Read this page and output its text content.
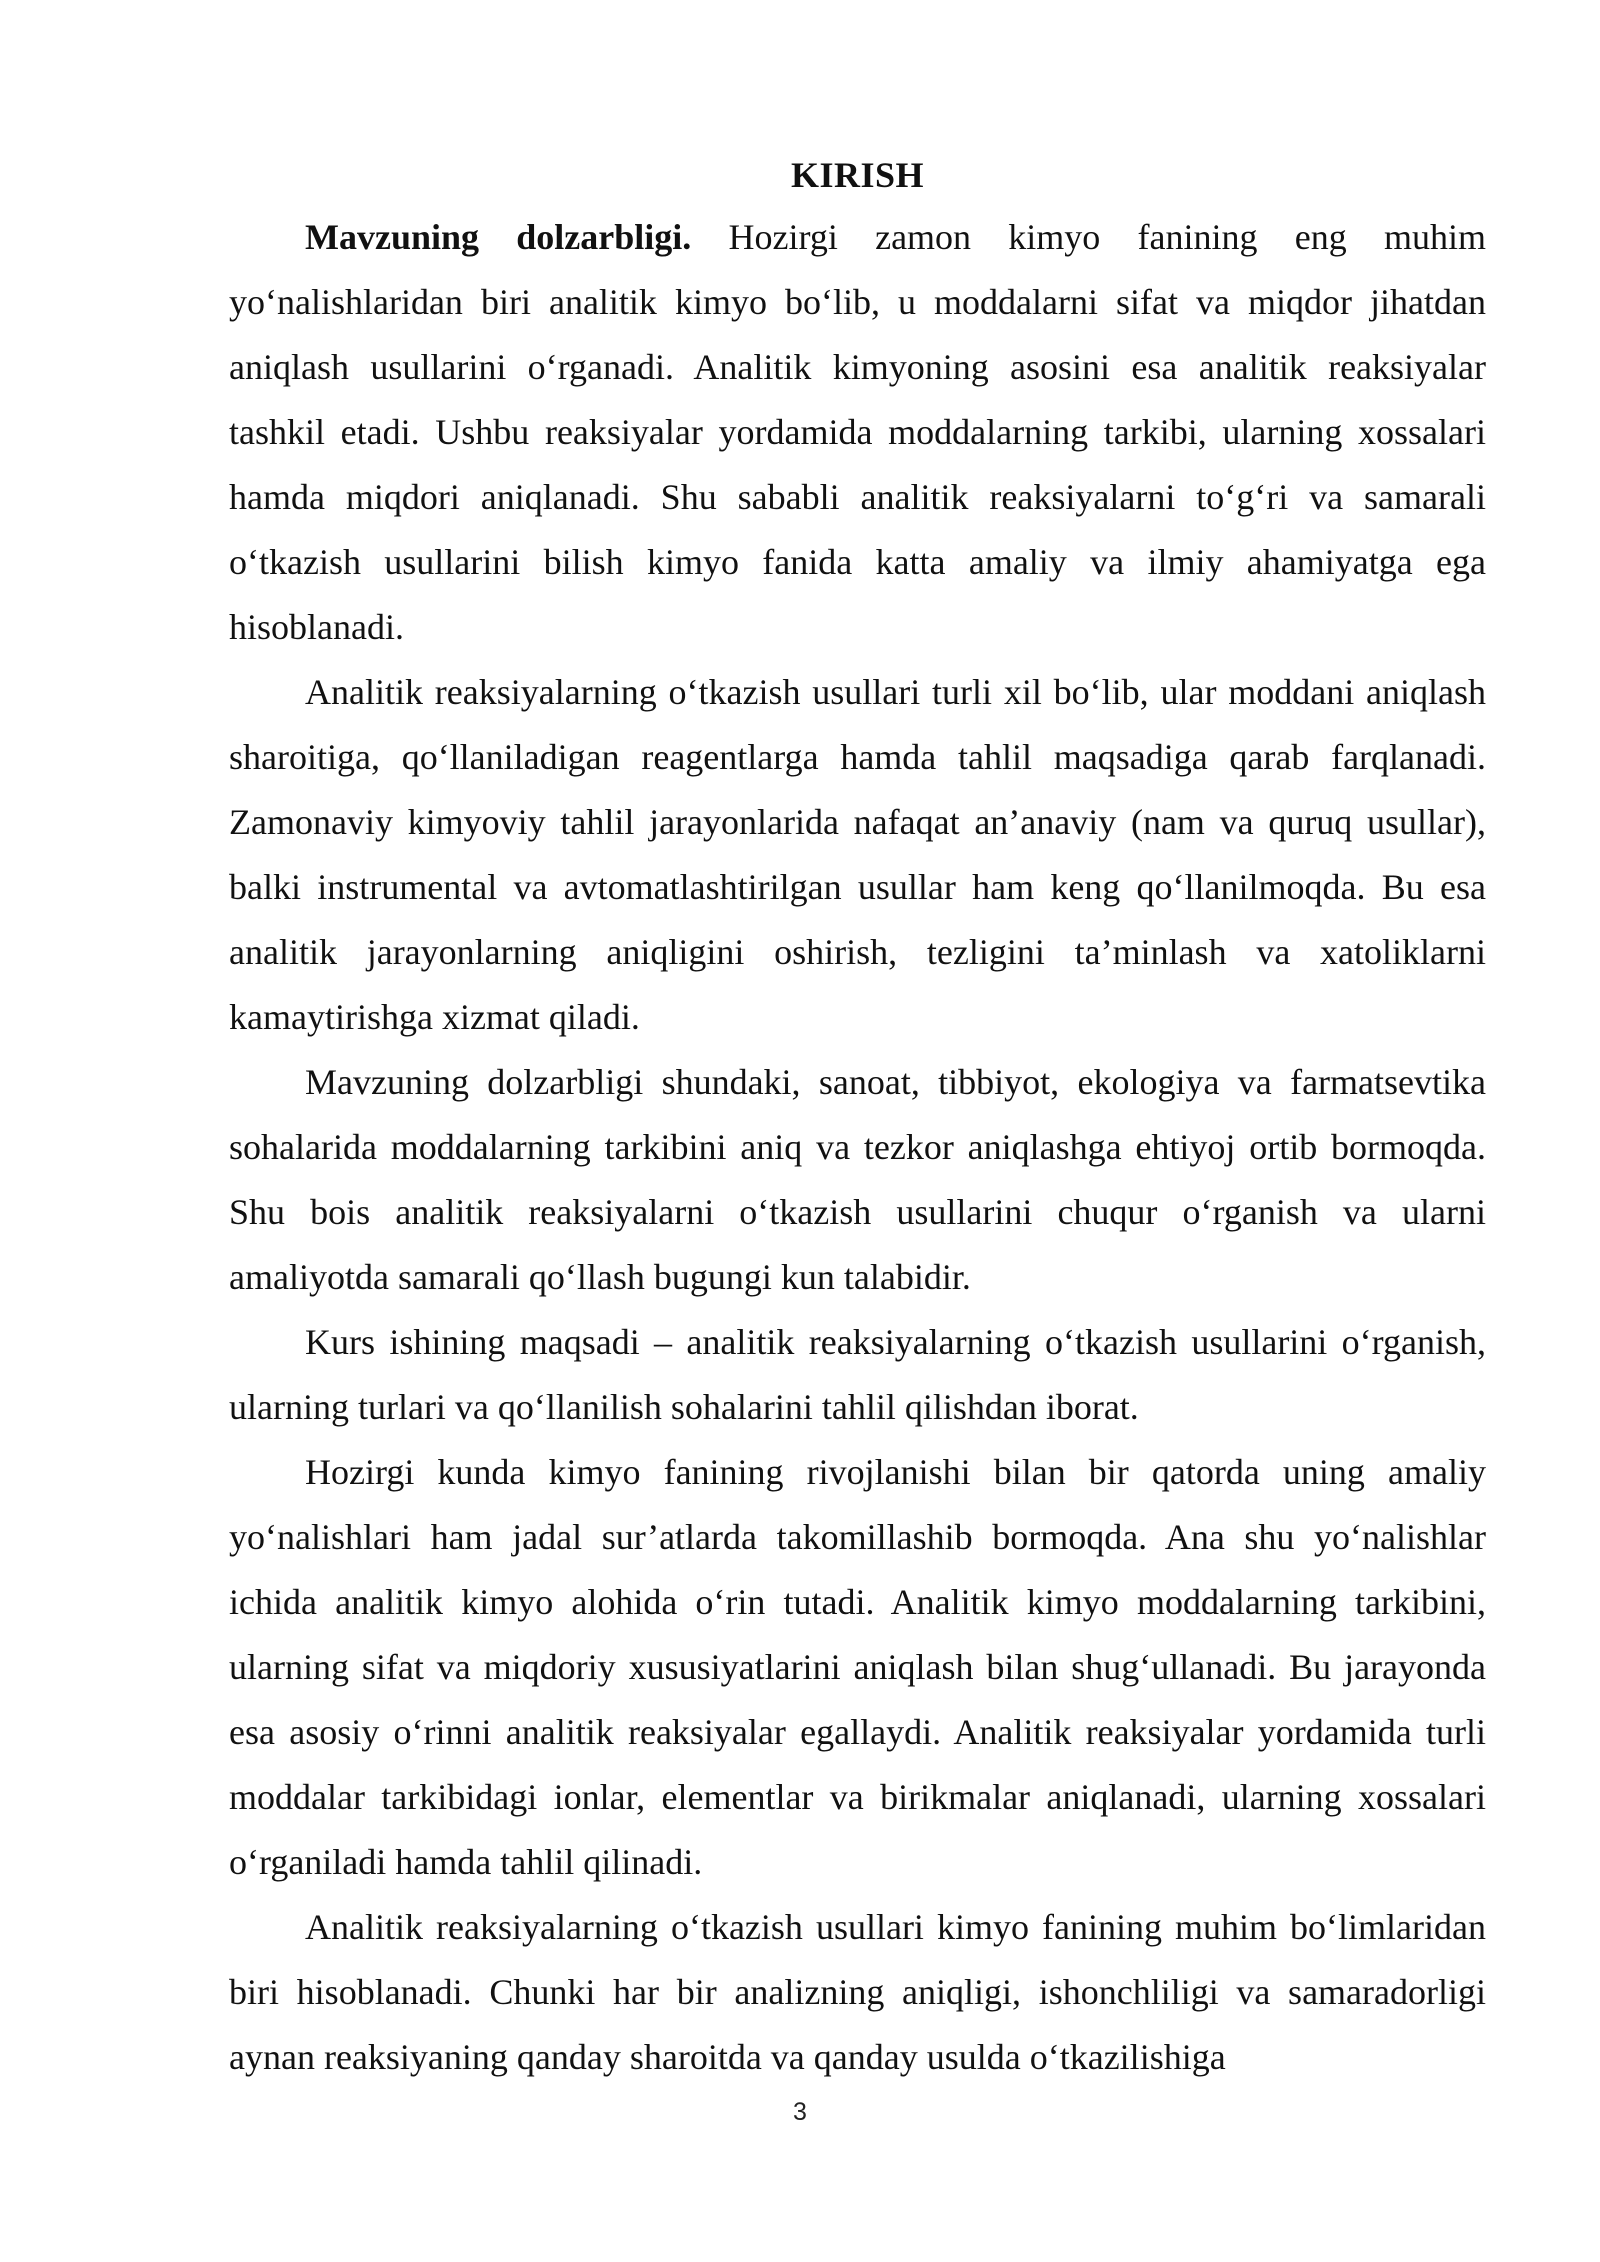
KIRISH

Mavzuning dolzarbligi. Hozirgi zamon kimyo fanining eng muhim yo‘nalishlaridan biri analitik kimyo bo‘lib, u moddalarni sifat va miqdor jihatdan aniqlash usullarini o‘rganadi. Analitik kimyoning asosini esa analitik reaksiyalar tashkil etadi. Ushbu reaksiyalar yordamida moddalarning tarkibi, ularning xossalari hamda miqdori aniqlanadi. Shu sababli analitik reaksiyalarni to‘g‘ri va samarali o‘tkazish usullarini bilish kimyo fanida katta amaliy va ilmiy ahamiyatga ega hisoblanadi.

Analitik reaksiyalarning o‘tkazish usullari turli xil bo‘lib, ular moddani aniqlash sharoitiga, qo‘llaniladigan reagentlarga hamda tahlil maqsadiga qarab farqlanadi. Zamonaviy kimyoviy tahlil jarayonlarida nafaqat an’anaviy (nam va quruq usullar), balki instrumental va avtomatlashtirilgan usullar ham keng qo‘llanilmoqda. Bu esa analitik jarayonlarning aniqligini oshirish, tezligini ta’minlash va xatoliklarni kamaytirishga xizmat qiladi.

Mavzuning dolzarbligi shundaki, sanoat, tibbiyot, ekologiya va farmatsevtika sohalarida moddalarning tarkibini aniq va tezkor aniqlashga ehtiyoj ortib bormoqda. Shu bois analitik reaksiyalarni o‘tkazish usullarini chuqur o‘rganish va ularni amaliyotda samarali qo‘llash bugungi kun talabidir.

Kurs ishining maqsadi – analitik reaksiyalarning o‘tkazish usullarini o‘rganish, ularning turlari va qo‘llanilish sohalarini tahlil qilishdan iborat.

Hozirgi kunda kimyo fanining rivojlanishi bilan bir qatorda uning amaliy yo‘nalishlari ham jadal sur’atlarda takomillashib bormoqda. Ana shu yo‘nalishlar ichida analitik kimyo alohida o‘rin tutadi. Analitik kimyo moddalarning tarkibini, ularning sifat va miqdoriy xususiyatlarini aniqlash bilan shug‘ullanadi. Bu jarayonda esa asosiy o‘rinni analitik reaksiyalar egallaydi. Analitik reaksiyalar yordamida turli moddalar tarkibidagi ionlar, elementlar va birikmalar aniqlanadi, ularning xossalari o‘rganiladi hamda tahlil qilinadi.

Analitik reaksiyalarning o‘tkazish usullari kimyo fanining muhim bo‘limlaridan biri hisoblanadi. Chunki har bir analizning aniqligi, ishonchliligi va samaradorligi aynan reaksiyaning qanday sharoitda va qanday usulda o‘tkazilishiga

3
